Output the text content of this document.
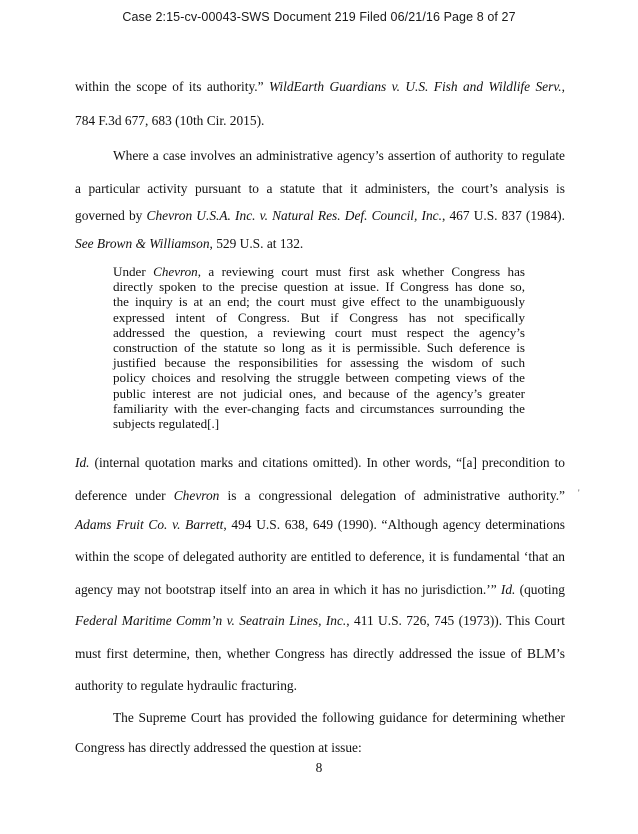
Case 2:15-cv-00043-SWS Document 219 Filed 06/21/16 Page 8 of 27
within the scope of its authority.” WildEarth Guardians v. U.S. Fish and Wildlife Serv.,
784 F.3d 677, 683 (10th Cir. 2015).
Where a case involves an administrative agency’s assertion of authority to regulate
a particular activity pursuant to a statute that it administers, the court’s analysis is
governed by Chevron U.S.A. Inc. v. Natural Res. Def. Council, Inc., 467 U.S. 837 (1984).
See Brown & Williamson, 529 U.S. at 132.
Under Chevron, a reviewing court must first ask whether Congress has
directly spoken to the precise question at issue. If Congress has done so,
the inquiry is at an end; the court must give effect to the unambiguously
expressed intent of Congress. But if Congress has not specifically
addressed the question, a reviewing court must respect the agency’s
construction of the statute so long as it is permissible. Such deference is
justified because the responsibilities for assessing the wisdom of such
policy choices and resolving the struggle between competing views of the
public interest are not judicial ones, and because of the agency’s greater
familiarity with the ever-changing facts and circumstances surrounding the
subjects regulated[.]
Id. (internal quotation marks and citations omitted). In other words, “[a] precondition to
deference under Chevron is a congressional delegation of administrative authority.”
Adams Fruit Co. v. Barrett, 494 U.S. 638, 649 (1990). “Although agency determinations
within the scope of delegated authority are entitled to deference, it is fundamental ‘that an
agency may not bootstrap itself into an area in which it has no jurisdiction.’” Id. (quoting
Federal Maritime Comm’n v. Seatrain Lines, Inc., 411 U.S. 726, 745 (1973)). This Court
must first determine, then, whether Congress has directly addressed the issue of BLM’s
authority to regulate hydraulic fracturing.
The Supreme Court has provided the following guidance for determining whether
Congress has directly addressed the question at issue:
'
8
